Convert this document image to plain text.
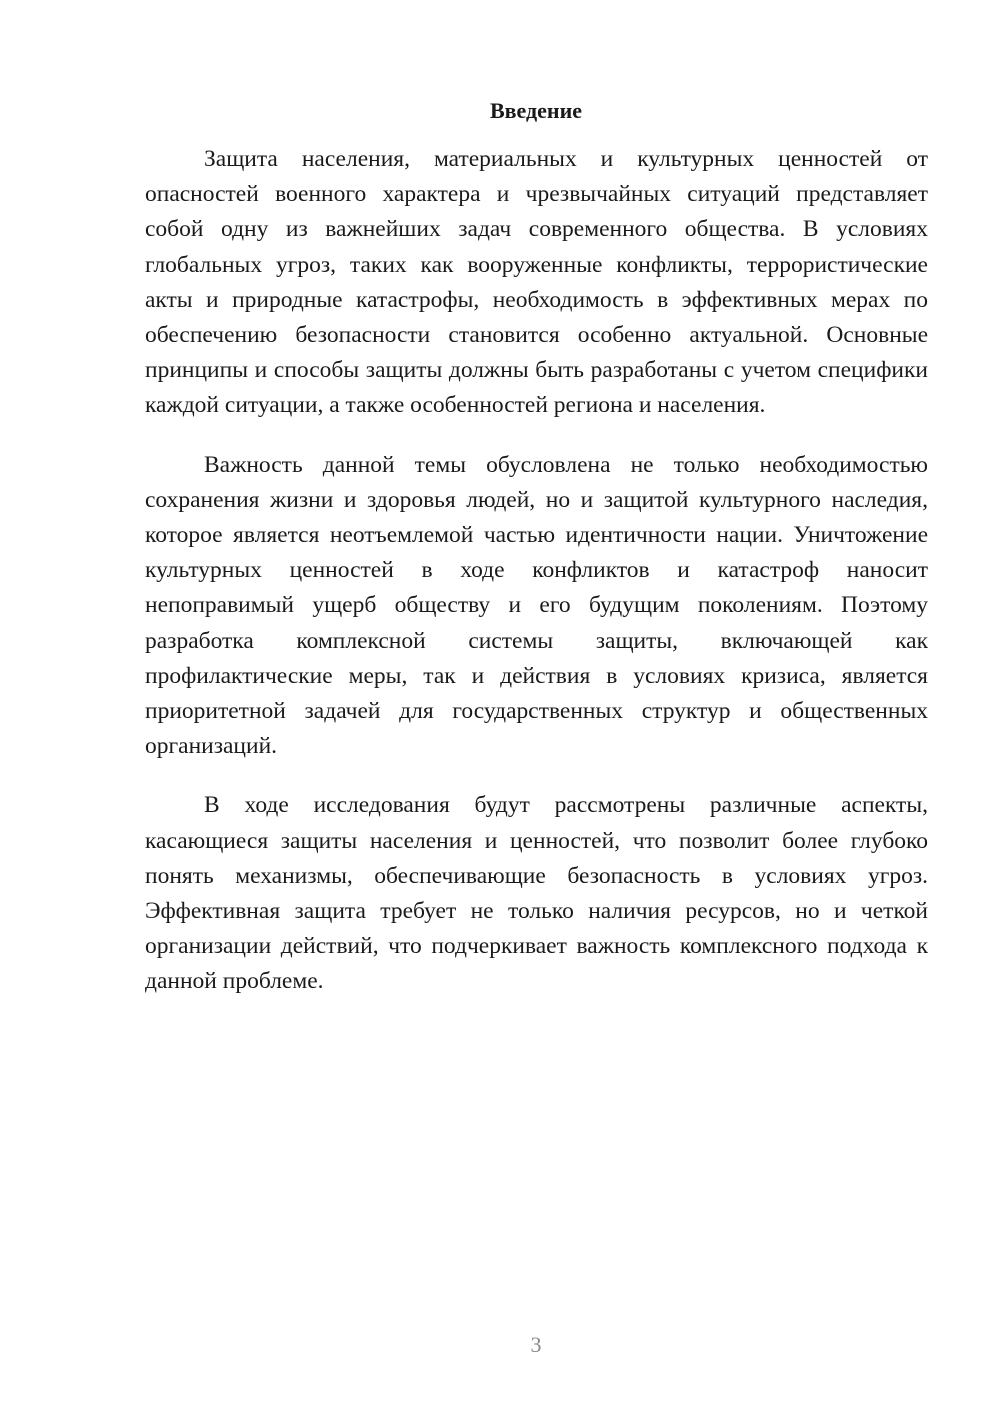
Введение

Защита населения, материальных и культурных ценностей от опасностей военного характера и чрезвычайных ситуаций представляет собой одну из важнейших задач современного общества. В условиях глобальных угроз, таких как вооруженные конфликты, террористические акты и природные катастрофы, необходимость в эффективных мерах по обеспечению безопасности становится особенно актуальной. Основные принципы и способы защиты должны быть разработаны с учетом специфики каждой ситуации, а также особенностей региона и населения.

Важность данной темы обусловлена не только необходимостью сохранения жизни и здоровья людей, но и защитой культурного наследия, которое является неотъемлемой частью идентичности нации. Уничтожение культурных ценностей в ходе конфликтов и катастроф наносит непоправимый ущерб обществу и его будущим поколениям. Поэтому разработка комплексной системы защиты, включающей как профилактические меры, так и действия в условиях кризиса, является приоритетной задачей для государственных структур и общественных организаций.

В ходе исследования будут рассмотрены различные аспекты, касающиеся защиты населения и ценностей, что позволит более глубоко понять механизмы, обеспечивающие безопасность в условиях угроз. Эффективная защита требует не только наличия ресурсов, но и четкой организации действий, что подчеркивает важность комплексного подхода к данной проблеме.

3
